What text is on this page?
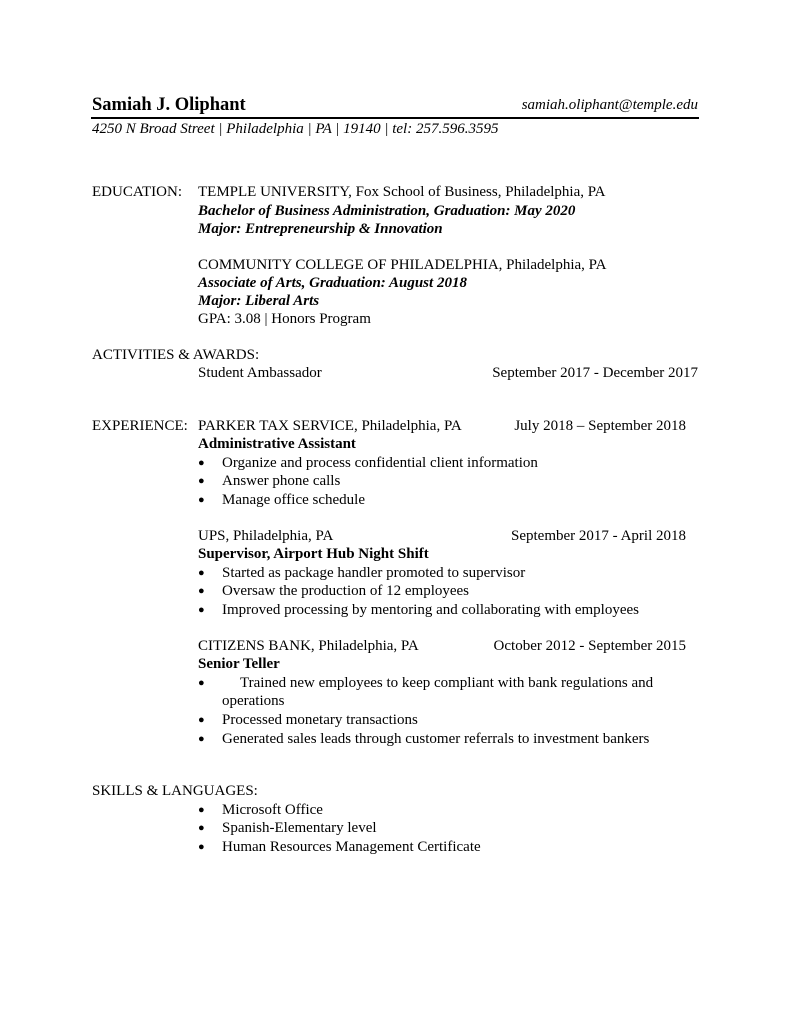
Samiah J. Oliphant	samiah.oliphant@temple.edu
4250 N Broad Street | Philadelphia | PA | 19140 | tel: 257.596.3595
EDUCATION: TEMPLE UNIVERSITY, Fox School of Business, Philadelphia, PA
Bachelor of Business Administration, Graduation: May 2020
Major: Entrepreneurship & Innovation
COMMUNITY COLLEGE OF PHILADELPHIA, Philadelphia, PA
Associate of Arts, Graduation: August 2018
Major: Liberal Arts
GPA: 3.08 | Honors Program
ACTIVITIES & AWARDS:
Student Ambassador	September 2017 - December 2017
EXPERIENCE: PARKER TAX SERVICE, Philadelphia, PA	July 2018 – September 2018
Administrative Assistant
● Organize and process confidential client information
● Answer phone calls
● Manage office schedule
UPS, Philadelphia, PA	September 2017 - April 2018
Supervisor, Airport Hub Night Shift
● Started as package handler promoted to supervisor
● Oversaw the production of 12 employees
● Improved processing by mentoring and collaborating with employees
CITIZENS BANK, Philadelphia, PA	October 2012 - September 2015
Senior Teller
● Trained new employees to keep compliant with bank regulations and
operations
● Processed monetary transactions
● Generated sales leads through customer referrals to investment bankers
SKILLS & LANGUAGES:
● Microsoft Office
● Spanish-Elementary level
● Human Resources Management Certificate
